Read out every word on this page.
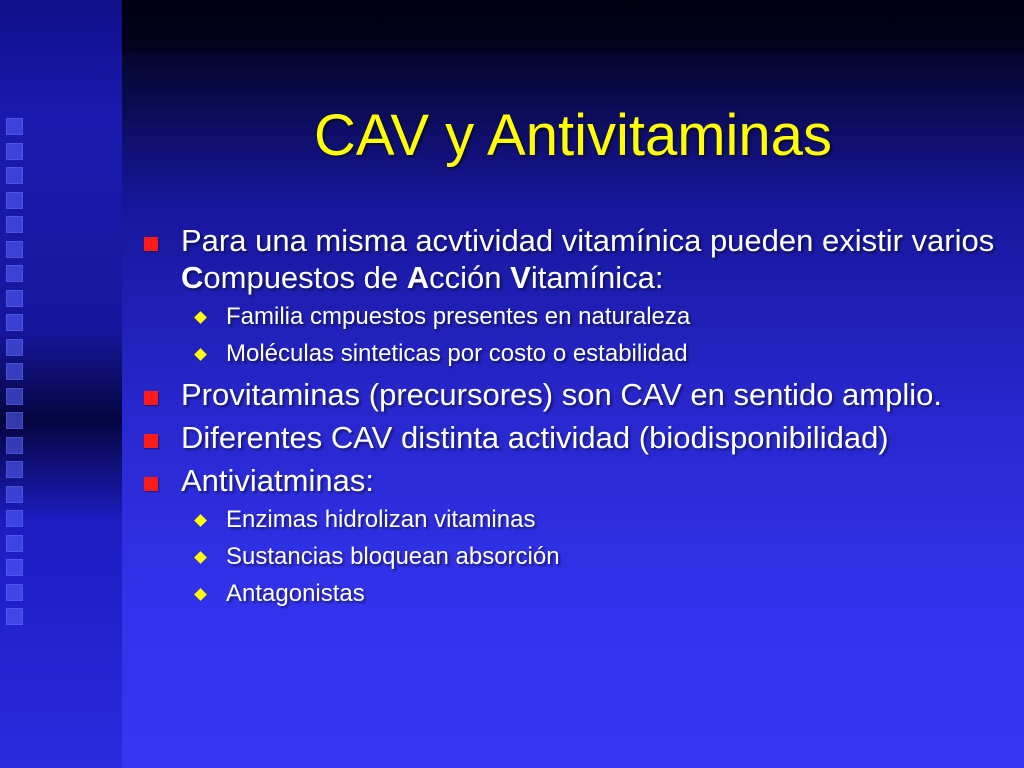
CAV y Antivitaminas
Para una misma acvtividad vitamínica pueden existir varios Compuestos de Acción Vitamínica:
Familia cmpuestos presentes en naturaleza
Moléculas sinteticas por costo o estabilidad
Provitaminas (precursores) son CAV en sentido amplio.
Diferentes CAV distinta actividad (biodisponibilidad)
Antiviatminas:
Enzimas hidrolizan vitaminas
Sustancias bloquean absorción
Antagonistas
